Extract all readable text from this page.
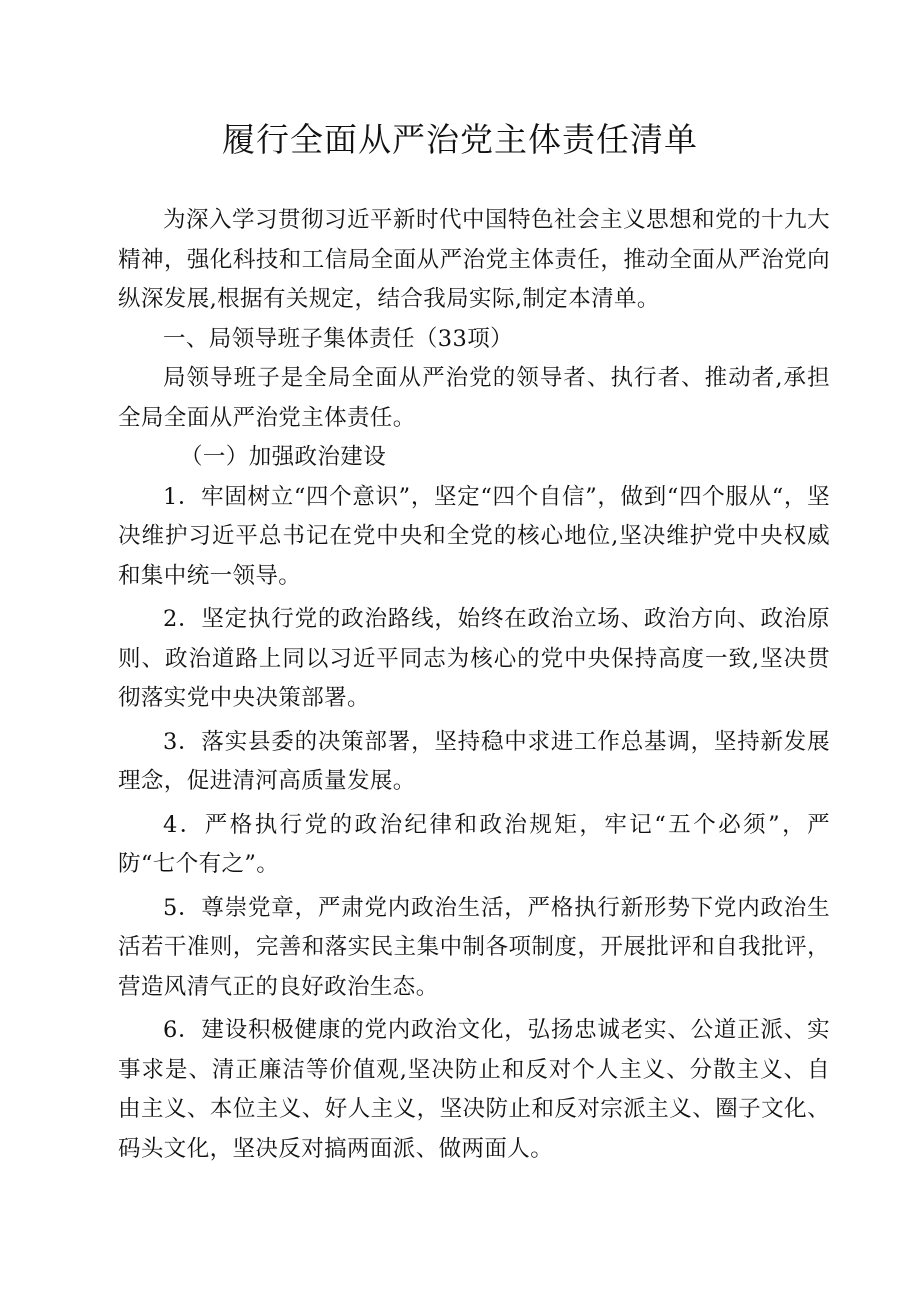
履行全面从严治党主体责任清单

为深入学习贯彻习近平新时代中国特色社会主义思想和党的十九大精神，强化科技和工信局全面从严治党主体责任，推动全面从严治党向纵深发展,根据有关规定，结合我局实际,制定本清单。

一、局领导班子集体责任（33项）

局领导班子是全局全面从严治党的领导者、执行者、推动者,承担全局全面从严治党主体责任。

（一）加强政治建设

1．牢固树立“四个意识”，坚定“四个自信”，做到“四个服从“，坚决维护习近平总书记在党中央和全党的核心地位,坚决维护党中央权威和集中统一领导。

2．坚定执行党的政治路线，始终在政治立场、政治方向、政治原则、政治道路上同以习近平同志为核心的党中央保持高度一致,坚决贯彻落实党中央决策部署。

3．落实县委的决策部署，坚持稳中求进工作总基调，坚持新发展理念，促进清河高质量发展。

4．严格执行党的政治纪律和政治规矩，牢记“五个必须”，严防“七个有之”。

5．尊崇党章，严肃党内政治生活，严格执行新形势下党内政治生活若干准则，完善和落实民主集中制各项制度，开展批评和自我批评，营造风清气正的良好政治生态。

6．建设积极健康的党内政治文化，弘扬忠诚老实、公道正派、实事求是、清正廉洁等价值观,坚决防止和反对个人主义、分散主义、自由主义、本位主义、好人主义，坚决防止和反对宗派主义、圈子文化、码头文化，坚决反对搞两面派、做两面人。
